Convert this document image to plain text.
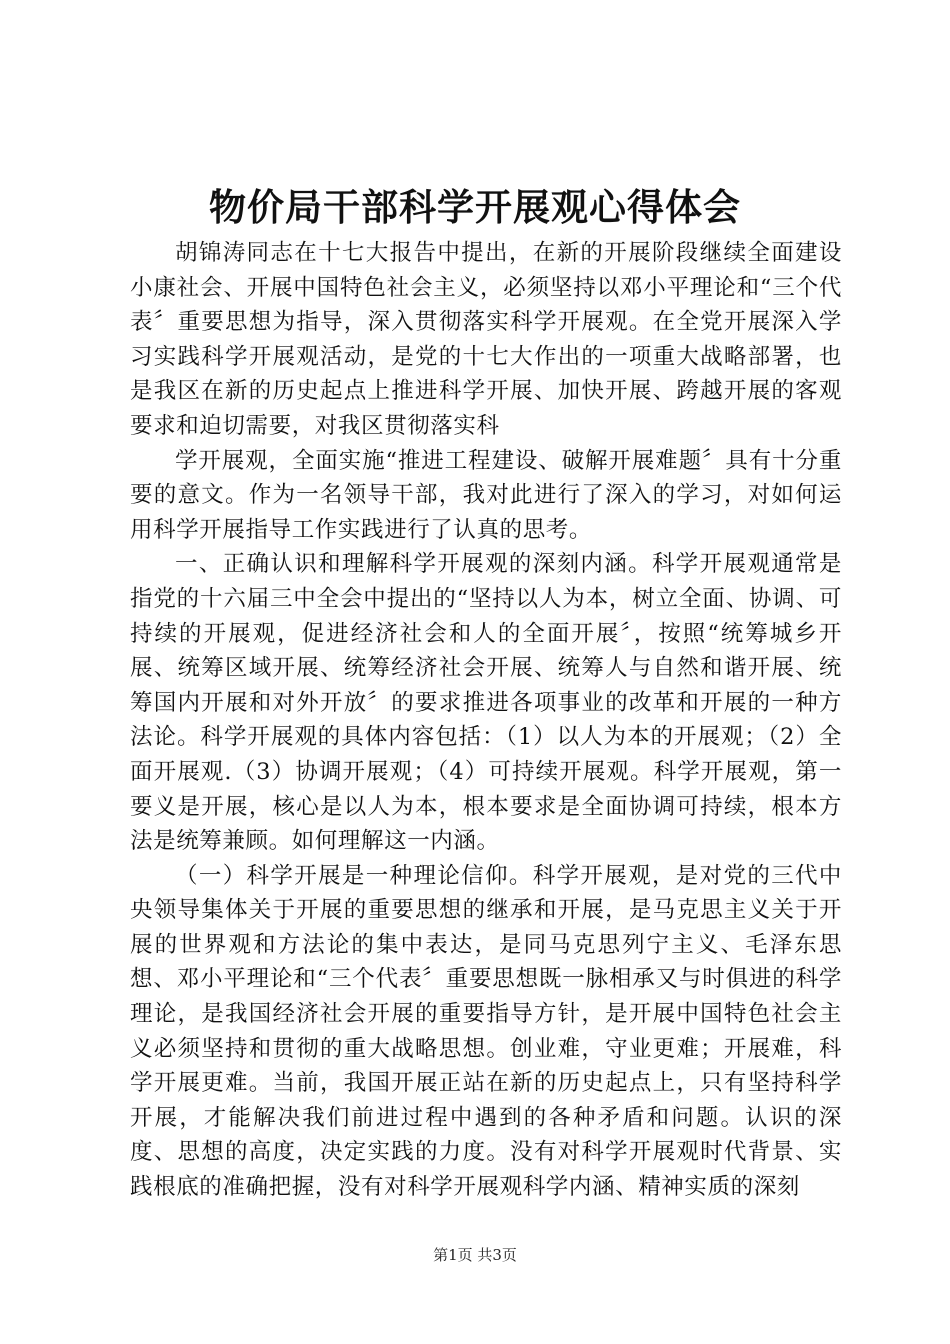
物价局干部科学开展观心得体会

胡锦涛同志在十七大报告中提出，在新的开展阶段继续全面建设小康社会、开展中国特色社会主义，必须坚持以邓小平理论和“三个代表〞重要思想为指导，深入贯彻落实科学开展观。在全党开展深入学习实践科学开展观活动，是党的十七大作出的一项重大战略部署，也是我区在新的历史起点上推进科学开展、加快开展、跨越开展的客观要求和迫切需要，对我区贯彻落实科

学开展观，全面实施“推进工程建设、破解开展难题〞具有十分重要的意文。作为一名领导干部，我对此进行了深入的学习，对如何运用科学开展指导工作实践进行了认真的思考。

一、正确认识和理解科学开展观的深刻内涵。科学开展观通常是指党的十六届三中全会中提出的“坚持以人为本，树立全面、协调、可持续的开展观，促进经济社会和人的全面开展〞，按照“统筹城乡开展、统筹区域开展、统筹经济社会开展、统筹人与自然和谐开展、统筹国内开展和对外开放〞的要求推进各项事业的改革和开展的一种方法论。科学开展观的具体内容包括：（1）以人为本的开展观；（2）全面开展观.（3）协调开展观；（4）可持续开展观。科学开展观，第一要义是开展，核心是以人为本，根本要求是全面协调可持续，根本方法是统筹兼顾。如何理解这一内涵。

（一）科学开展是一种理论信仰。科学开展观，是对党的三代中央领导集体关于开展的重要思想的继承和开展，是马克思主义关于开展的世界观和方法论的集中表达，是同马克思列宁主义、毛泽东思想、邓小平理论和“三个代表〞重要思想既一脉相承又与时俱进的科学理论，是我国经济社会开展的重要指导方针，是开展中国特色社会主义必须坚持和贯彻的重大战略思想。创业难，守业更难；开展难，科学开展更难。当前，我国开展正站在新的历史起点上，只有坚持科学开展，才能解决我们前进过程中遇到的各种矛盾和问题。认识的深度、思想的高度，决定实践的力度。没有对科学开展观时代背景、实践根底的准确把握，没有对科学开展观科学内涵、精神实质的深刻

第1页 共3页
